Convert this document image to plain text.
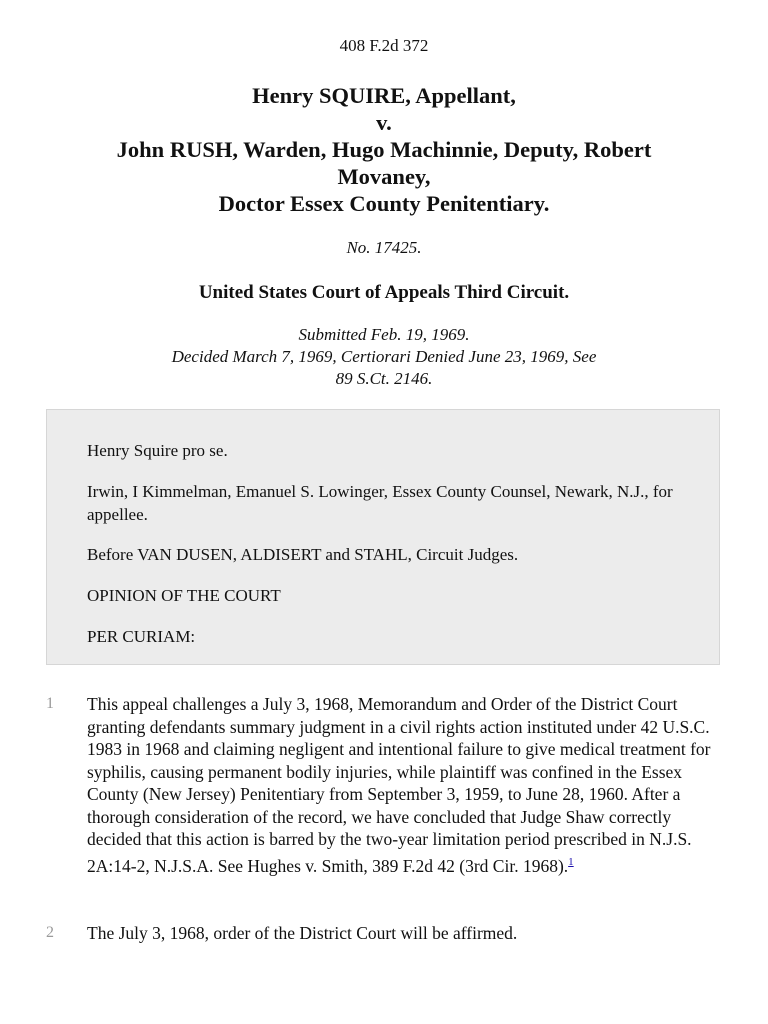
408 F.2d 372
Henry SQUIRE, Appellant,
v.
John RUSH, Warden, Hugo Machinnie, Deputy, Robert
Movaney,
Doctor Essex County Penitentiary.
No. 17425.
United States Court of Appeals Third Circuit.
Submitted Feb. 19, 1969.
Decided March 7, 1969, Certiorari Denied June 23, 1969, See
89 S.Ct. 2146.

Henry Squire pro se.

Irwin, I Kimmelman, Emanuel S. Lowinger, Essex County Counsel, Newark, N.J., for appellee.

Before VAN DUSEN, ALDISERT and STAHL, Circuit Judges.

OPINION OF THE COURT

PER CURIAM:

1 This appeal challenges a July 3, 1968, Memorandum and Order of the District Court granting defendants summary judgment in a civil rights action instituted under 42 U.S.C. 1983 in 1968 and claiming negligent and intentional failure to give medical treatment for syphilis, causing permanent bodily injuries, while plaintiff was confined in the Essex County (New Jersey) Penitentiary from September 3, 1959, to June 28, 1960. After a thorough consideration of the record, we have concluded that Judge Shaw correctly decided that this action is barred by the two-year limitation period prescribed in N.J.S. 2A:14-2, N.J.S.A. See Hughes v. Smith, 389 F.2d 42 (3rd Cir. 1968).$^1$

2 The July 3, 1968, order of the District Court will be affirmed.
